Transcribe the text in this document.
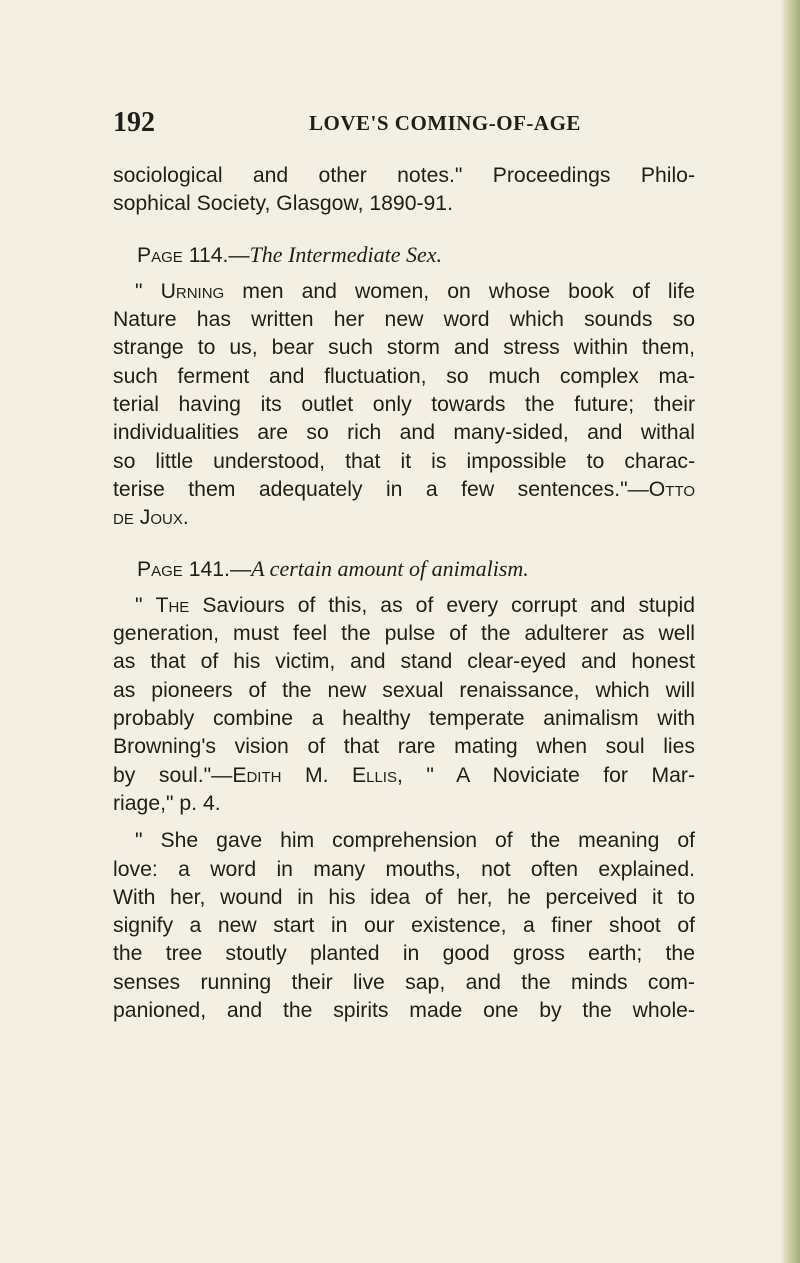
192	LOVE'S COMING-OF-AGE
sociological and other notes." Proceedings Philo-
sophical Society, Glasgow, 1890-91.
Page 114.—The Intermediate Sex.
" Urning men and women, on whose book of life
Nature has written her new word which sounds so
strange to us, bear such storm and stress within them,
such ferment and fluctuation, so much complex ma-
terial having its outlet only towards the future; their
individualities are so rich and many-sided, and withal
so little understood, that it is impossible to charac-
terise them adequately in a few sentences."—Otto
de Joux.
Page 141.—A certain amount of animalism.
" The Saviours of this, as of every corrupt and stupid
generation, must feel the pulse of the adulterer as well
as that of his victim, and stand clear-eyed and honest
as pioneers of the new sexual renaissance, which will
probably combine a healthy temperate animalism with
Browning's vision of that rare mating when soul lies
by soul."—Edith M. Ellis, " A Noviciate for Mar-
riage," p. 4.
" She gave him comprehension of the meaning of
love: a word in many mouths, not often explained.
With her, wound in his idea of her, he perceived it to
signify a new start in our existence, a finer shoot of
the tree stoutly planted in good gross earth; the
senses running their live sap, and the minds com-
panioned, and the spirits made one by the whole-
